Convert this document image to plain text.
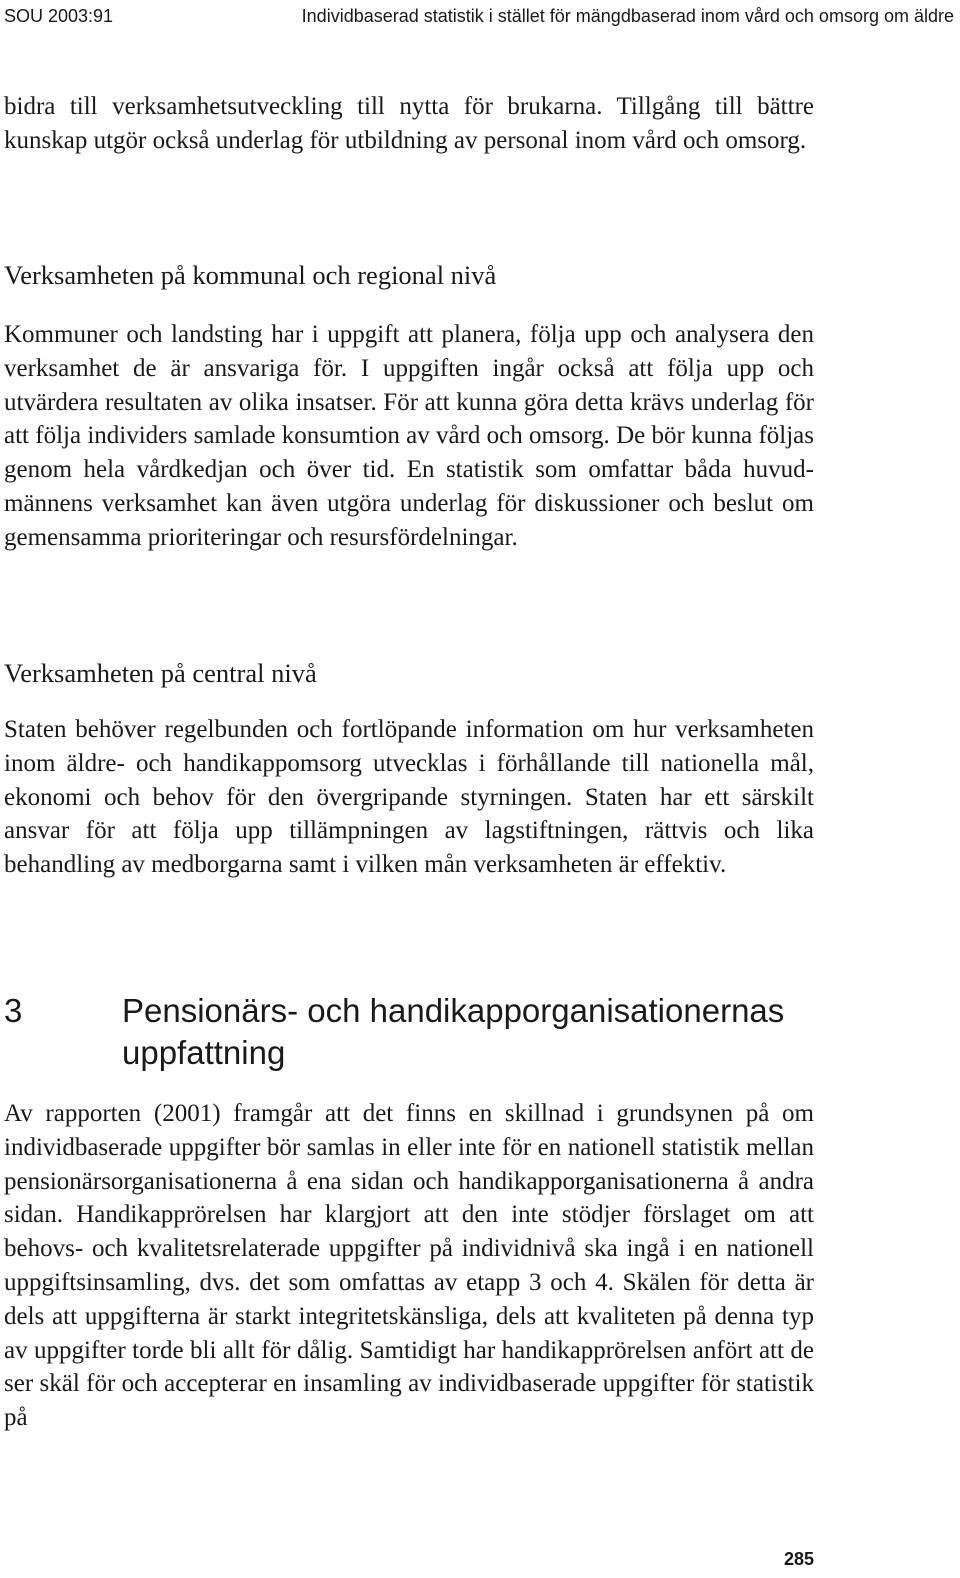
SOU 2003:91	Individbaserad statistik i stället för mängdbaserad inom vård och omsorg om äldre

bidra till verksamhetsutveckling till nytta för brukarna. Tillgång till bättre kunskap utgör också underlag för utbildning av personal inom vård och omsorg.

Verksamheten på kommunal och regional nivå

Kommuner och landsting har i uppgift att planera, följa upp och analysera den verksamhet de är ansvariga för. I uppgiften ingår också att följa upp och utvärdera resultaten av olika insatser. För att kunna göra detta krävs underlag för att följa individers samlade konsumtion av vård och omsorg. De bör kunna följas genom hela vårdkedjan och över tid. En statistik som omfattar båda huvudmännens verksamhet kan även utgöra underlag för diskussioner och beslut om gemensamma prioriteringar och resursfördelningar.

Verksamheten på central nivå

Staten behöver regelbunden och fortlöpande information om hur verksamheten inom äldre- och handikappomsorg utvecklas i förhållande till nationella mål, ekonomi och behov för den övergripande styrningen. Staten har ett särskilt ansvar för att följa upp tillämpningen av lagstiftningen, rättvis och lika behandling av medborgarna samt i vilken mån verksamheten är effektiv.

3	Pensionärs- och handikapporganisationernas uppfattning

Av rapporten (2001) framgår att det finns en skillnad i grundsynen på om individbaserade uppgifter bör samlas in eller inte för en nationell statistik mellan pensionärsorganisationerna å ena sidan och handikapporganisationerna å andra sidan. Handikapprörelsen har klargjort att den inte stödjer förslaget om att behovs- och kvalitetsrelaterade uppgifter på individnivå ska ingå i en nationell uppgiftsinsamling, dvs. det som omfattas av etapp 3 och 4. Skälen för detta är dels att uppgifterna är starkt integritetskänsliga, dels att kvaliteten på denna typ av uppgifter torde bli allt för dålig. Samtidigt har handikapprörelsen anfört att de ser skäl för och accepterar en insamling av individbaserade uppgifter för statistik på

285
